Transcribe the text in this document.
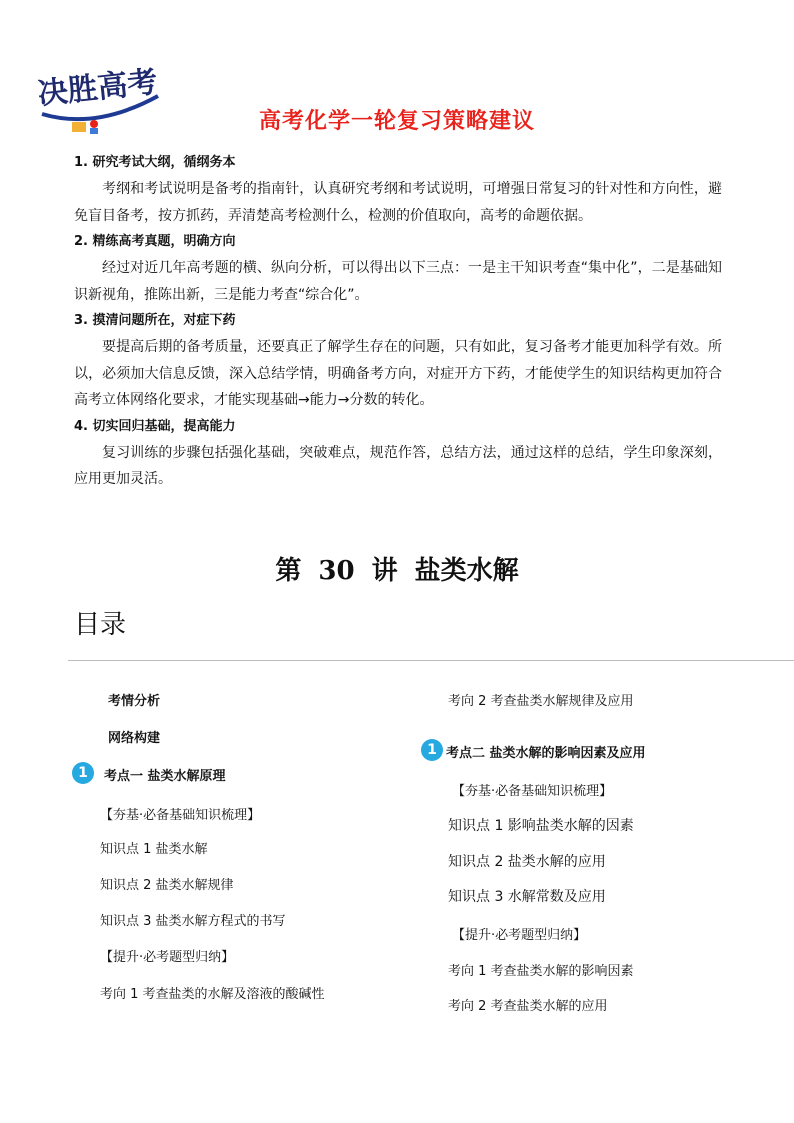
决胜高考
高考化学一轮复习策略建议

1. 研究考试大纲，循纲务本

考纲和考试说明是备考的指南针，认真研究考纲和考试说明，可增强日常复习的针对性和方向性，避免盲目备考，按方抓药，弄清楚高考检测什么，检测的价值取向，高考的命题依据。

2. 精练高考真题，明确方向

经过对近几年高考题的横、纵向分析，可以得出以下三点：一是主干知识考查“集中化”，二是基础知识新视角，推陈出新，三是能力考查“综合化”。

3. 摸清问题所在，对症下药

要提高后期的备考质量，还要真正了解学生存在的问题，只有如此，复习备考才能更加科学有效。所以，必须加大信息反馈，深入总结学情，明确备考方向，对症开方下药，才能使学生的知识结构更加符合高考立体网络化要求，才能实现基础→能力→分数的转化。

4. 切实回归基础，提高能力

复习训练的步骤包括强化基础，突破难点，规范作答，总结方法，通过这样的总结，学生印象深刻，应用更加灵活。

第 30 讲 盐类水解
目录
考情分析
网络构建
1	考点一 盐类水解原理
【夯基·必备基础知识梳理】
知识点 1 盐类水解
知识点 2 盐类水解规律
知识点 3 盐类水解方程式的书写
【提升·必考题型归纳】
考向 1 考查盐类的水解及溶液的酸碱性
考向 2 考查盐类水解规律及应用
1 考点二 盐类水解的影响因素及应用
【夯基·必备基础知识梳理】
知识点 1 影响盐类水解的因素
知识点 2 盐类水解的应用
知识点 3 水解常数及应用
【提升·必考题型归纳】
考向 1 考查盐类水解的影响因素
考向 2 考查盐类水解的应用
